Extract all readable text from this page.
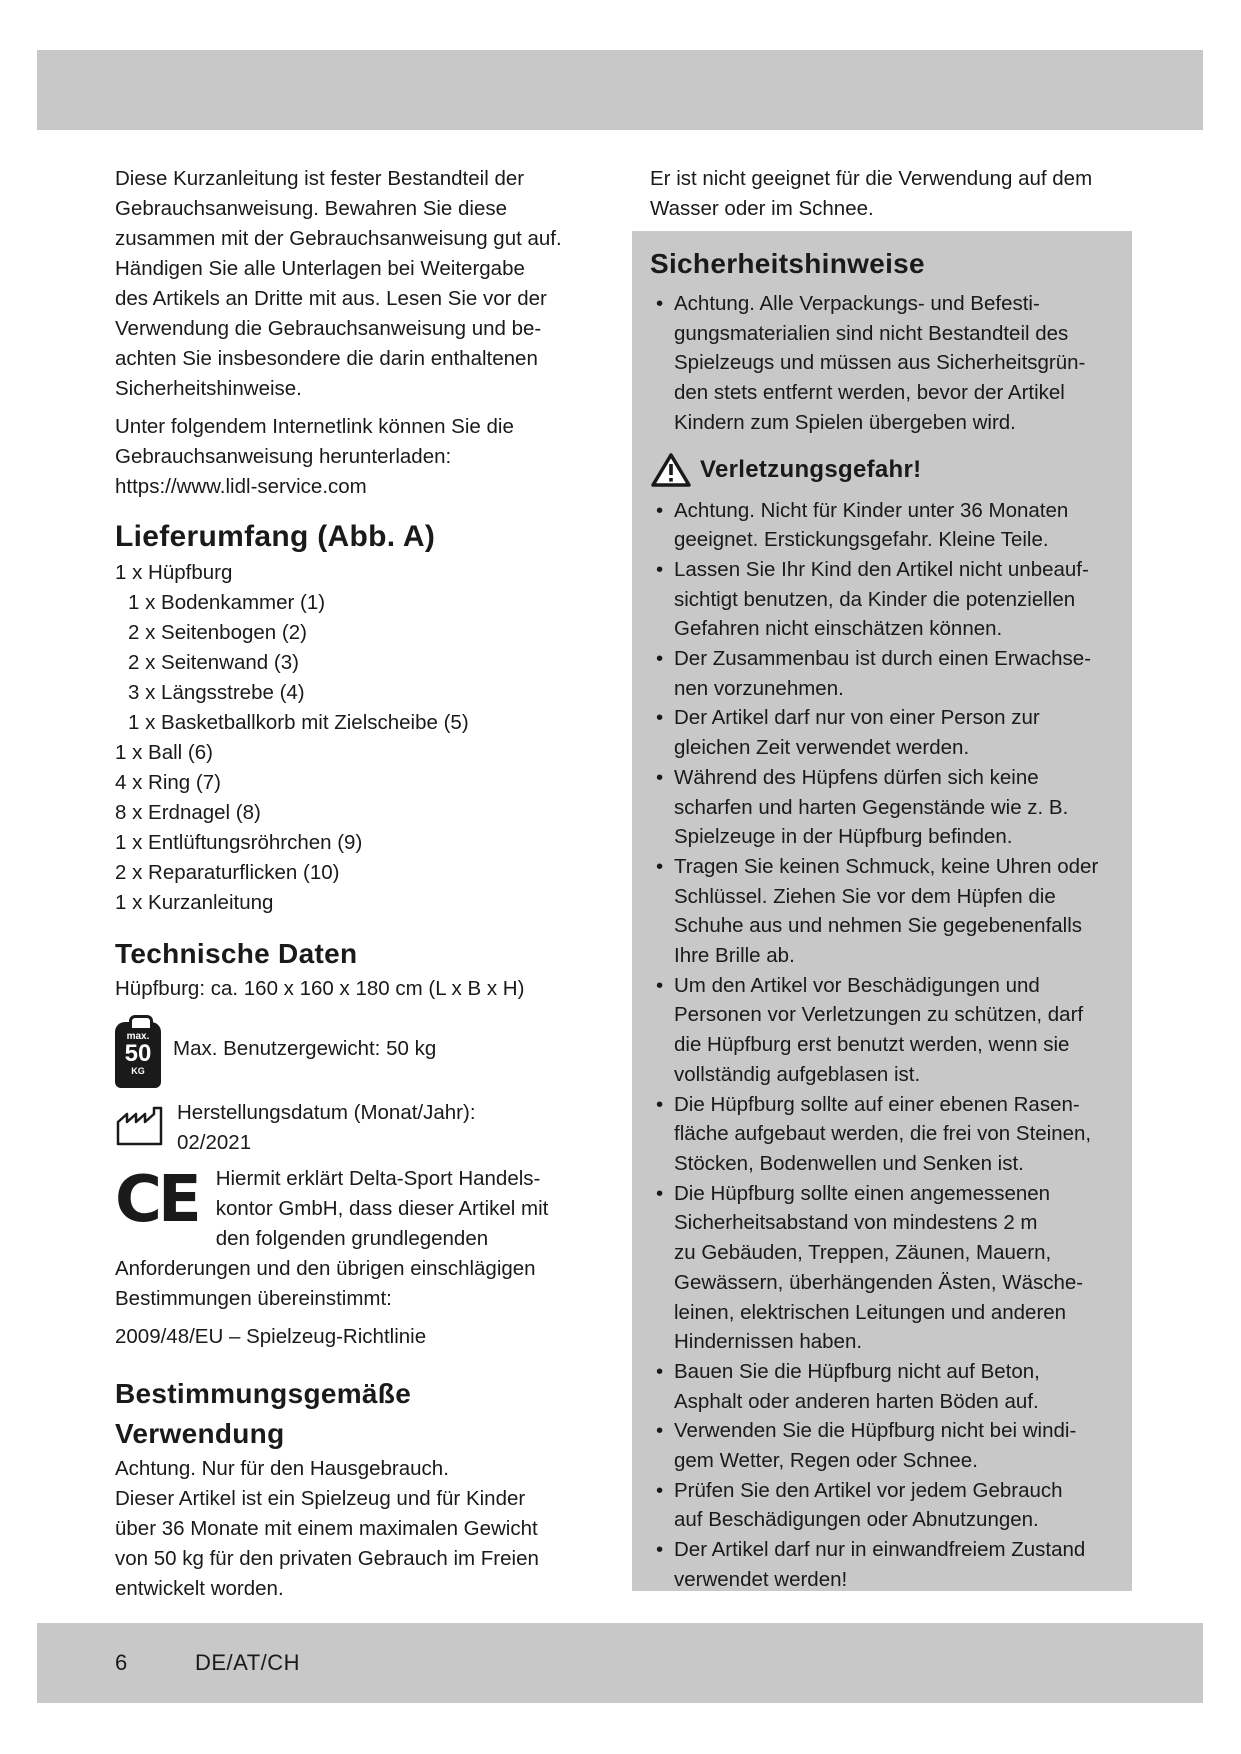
Diese Kurzanleitung ist fester Bestandteil der
Gebrauchsanweisung. Bewahren Sie diese
zusammen mit der Gebrauchsanweisung gut auf.
Händigen Sie alle Unterlagen bei Weitergabe
des Artikels an Dritte mit aus. Lesen Sie vor der
Verwendung die Gebrauchsanweisung und be-
achten Sie insbesondere die darin enthaltenen
Sicherheitshinweise.

Unter folgendem Internetlink können Sie die
Gebrauchsanweisung herunterladen:
https://www.lidl-service.com

Lieferumfang (Abb. A)
1 x Hüpfburg
1 x Bodenkammer (1)
2 x Seitenbogen (2)
2 x Seitenwand (3)
3 x Längsstrebe (4)
1 x Basketballkorb mit Zielscheibe (5)
1 x Ball (6)
4 x Ring (7)
8 x Erdnagel (8)
1 x Entlüftungsröhrchen (9)
2 x Reparaturflicken (10)
1 x Kurzanleitung
Technische Daten

Hüpfburg: ca. 160 x 160 x 180 cm (L x B x H)

max.
50
KG
Max. Benutzergewicht: 50 kg
Herstellungsdatum (Monat/Jahr):
02/2021
CE Hiermit erklärt Delta-Sport Handels-
kontor GmbH, dass dieser Artikel mit
den folgenden grundlegenden

Anforderungen und den übrigen einschlägigen
Bestimmungen übereinstimmt:

2009/48/EU – Spielzeug-Richtlinie

Bestimmungsgemäße
Verwendung

Achtung. Nur für den Hausgebrauch.
Dieser Artikel ist ein Spielzeug und für Kinder
über 36 Monate mit einem maximalen Gewicht
von 50 kg für den privaten Gebrauch im Freien
entwickelt worden.

Er ist nicht geeignet für die Verwendung auf dem
Wasser oder im Schnee.

Sicherheitshinweise
• Achtung. Alle Verpackungs- und Befesti-
gungsmaterialien sind nicht Bestandteil des
Spielzeugs und müssen aus Sicherheitsgrün-
den stets entfernt werden, bevor der Artikel
Kindern zum Spielen übergeben wird.
Verletzungsgefahr!
• Achtung. Nicht für Kinder unter 36 Monaten
geeignet. Erstickungsgefahr. Kleine Teile.
• Lassen Sie Ihr Kind den Artikel nicht unbeauf-
sichtigt benutzen, da Kinder die potenziellen
Gefahren nicht einschätzen können.
• Der Zusammenbau ist durch einen Erwachse-
nen vorzunehmen.
• Der Artikel darf nur von einer Person zur
gleichen Zeit verwendet werden.
• Während des Hüpfens dürfen sich keine
scharfen und harten Gegenstände wie z. B.
Spielzeuge in der Hüpfburg befinden.
• Tragen Sie keinen Schmuck, keine Uhren oder
Schlüssel. Ziehen Sie vor dem Hüpfen die
Schuhe aus und nehmen Sie gegebenenfalls
Ihre Brille ab.
• Um den Artikel vor Beschädigungen und
Personen vor Verletzungen zu schützen, darf
die Hüpfburg erst benutzt werden, wenn sie
vollständig aufgeblasen ist.
• Die Hüpfburg sollte auf einer ebenen Rasen-
fläche aufgebaut werden, die frei von Steinen,
Stöcken, Bodenwellen und Senken ist.
• Die Hüpfburg sollte einen angemessenen
Sicherheitsabstand von mindestens 2 m
zu Gebäuden, Treppen, Zäunen, Mauern,
Gewässern, überhängenden Ästen, Wäsche-
leinen, elektrischen Leitungen und anderen
Hindernissen haben.
• Bauen Sie die Hüpfburg nicht auf Beton,
Asphalt oder anderen harten Böden auf.
• Verwenden Sie die Hüpfburg nicht bei windi-
gem Wetter, Regen oder Schnee.
• Prüfen Sie den Artikel vor jedem Gebrauch
auf Beschädigungen oder Abnutzungen.
• Der Artikel darf nur in einwandfreiem Zustand
verwendet werden!
6	DE/AT/CH
